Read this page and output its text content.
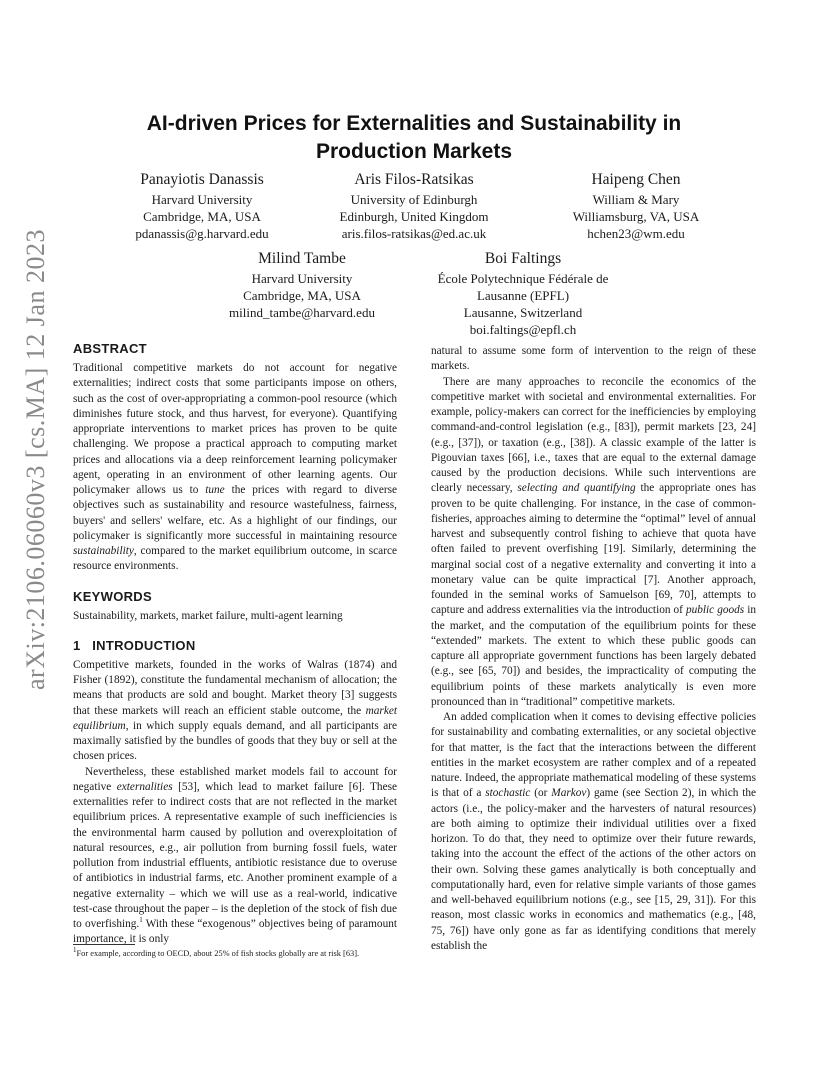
arXiv:2106.06060v3 [cs.MA] 12 Jan 2023
AI-driven Prices for Externalities and Sustainability in
Production Markets
Panayiotis Danassis
Harvard University
Cambridge, MA, USA
pdanassis@g.harvard.edu
Aris Filos-Ratsikas
University of Edinburgh
Edinburgh, United Kingdom
aris.filos-ratsikas@ed.ac.uk
Haipeng Chen
William & Mary
Williamsburg, VA, USA
hchen23@wm.edu
Milind Tambe
Harvard University
Cambridge, MA, USA
milind_tambe@harvard.edu
Boi Faltings
École Polytechnique Fédérale de
Lausanne (EPFL)
Lausanne, Switzerland
boi.faltings@epfl.ch
ABSTRACT

Traditional competitive markets do not account for negative externalities; indirect costs that some participants impose on others, such as the cost of over-appropriating a common-pool resource (which diminishes future stock, and thus harvest, for everyone). Quantifying appropriate interventions to market prices has proven to be quite challenging. We propose a practical approach to computing market prices and allocations via a deep reinforcement learning policymaker agent, operating in an environment of other learning agents. Our policymaker allows us to tune the prices with regard to diverse objectives such as sustainability and resource wastefulness, fairness, buyers' and sellers' welfare, etc. As a highlight of our findings, our policymaker is significantly more successful in maintaining resource sustainability, compared to the market equilibrium outcome, in scarce resource environments.

KEYWORDS

Sustainability, markets, market failure, multi-agent learning

1   INTRODUCTION

Competitive markets, founded in the works of Walras (1874) and Fisher (1892), constitute the fundamental mechanism of allocation; the means that products are sold and bought. Market theory [3] suggests that these markets will reach an efficient stable outcome, the market equilibrium, in which supply equals demand, and all participants are maximally satisfied by the bundles of goods that they buy or sell at the chosen prices.

Nevertheless, these established market models fail to account for negative externalities [53], which lead to market failure [6]. These externalities refer to indirect costs that are not reflected in the market equilibrium prices. A representative example of such inefficiencies is the environmental harm caused by pollution and overexploitation of natural resources, e.g., air pollution from burning fossil fuels, water pollution from industrial effluents, antibiotic resistance due to overuse of antibiotics in industrial farms, etc. Another prominent example of a negative externality – which we will use as a real-world, indicative test-case throughout the paper – is the depletion of the stock of fish due to overfishing.$^1$ With these “exogenous” objectives being of paramount importance, it is only

$^1$For example, according to OECD, about 25% of fish stocks globally are at risk [63].

natural to assume some form of intervention to the reign of these markets.

There are many approaches to reconcile the economics of the competitive market with societal and environmental externalities. For example, policy-makers can correct for the inefficiencies by employing command-and-control legislation (e.g., [83]), permit markets [23, 24] (e.g., [37]), or taxation (e.g., [38]). A classic example of the latter is Pigouvian taxes [66], i.e., taxes that are equal to the external damage caused by the production decisions. While such interventions are clearly necessary, selecting and quantifying the appropriate ones has proven to be quite challenging. For instance, in the case of common-fisheries, approaches aiming to determine the “optimal” level of annual harvest and subsequently control fishing to achieve that quota have often failed to prevent overfishing [19]. Similarly, determining the marginal social cost of a negative externality and converting it into a monetary value can be quite impractical [7]. Another approach, founded in the seminal works of Samuelson [69, 70], attempts to capture and address externalities via the introduction of public goods in the market, and the computation of the equilibrium points for these “extended” markets. The extent to which these public goods can capture all appropriate government functions has been largely debated (e.g., see [65, 70]) and besides, the impracticality of computing the equilibrium points of these markets analytically is even more pronounced than in “traditional” competitive markets.

An added complication when it comes to devising effective policies for sustainability and combating externalities, or any societal objective for that matter, is the fact that the interactions between the different entities in the market ecosystem are rather complex and of a repeated nature. Indeed, the appropriate mathematical modeling of these systems is that of a stochastic (or Markov) game (see Section 2), in which the actors (i.e., the policy-maker and the harvesters of natural resources) are both aiming to optimize their individual utilities over a fixed horizon. To do that, they need to optimize over their future rewards, taking into the account the effect of the actions of the other actors on their own. Solving these games analytically is both conceptually and computationally hard, even for relative simple variants of those games and well-behaved equilibrium notions (e.g., see [15, 29, 31]). For this reason, most classic works in economics and mathematics (e.g., [48, 75, 76]) have only gone as far as identifying conditions that merely establish the
